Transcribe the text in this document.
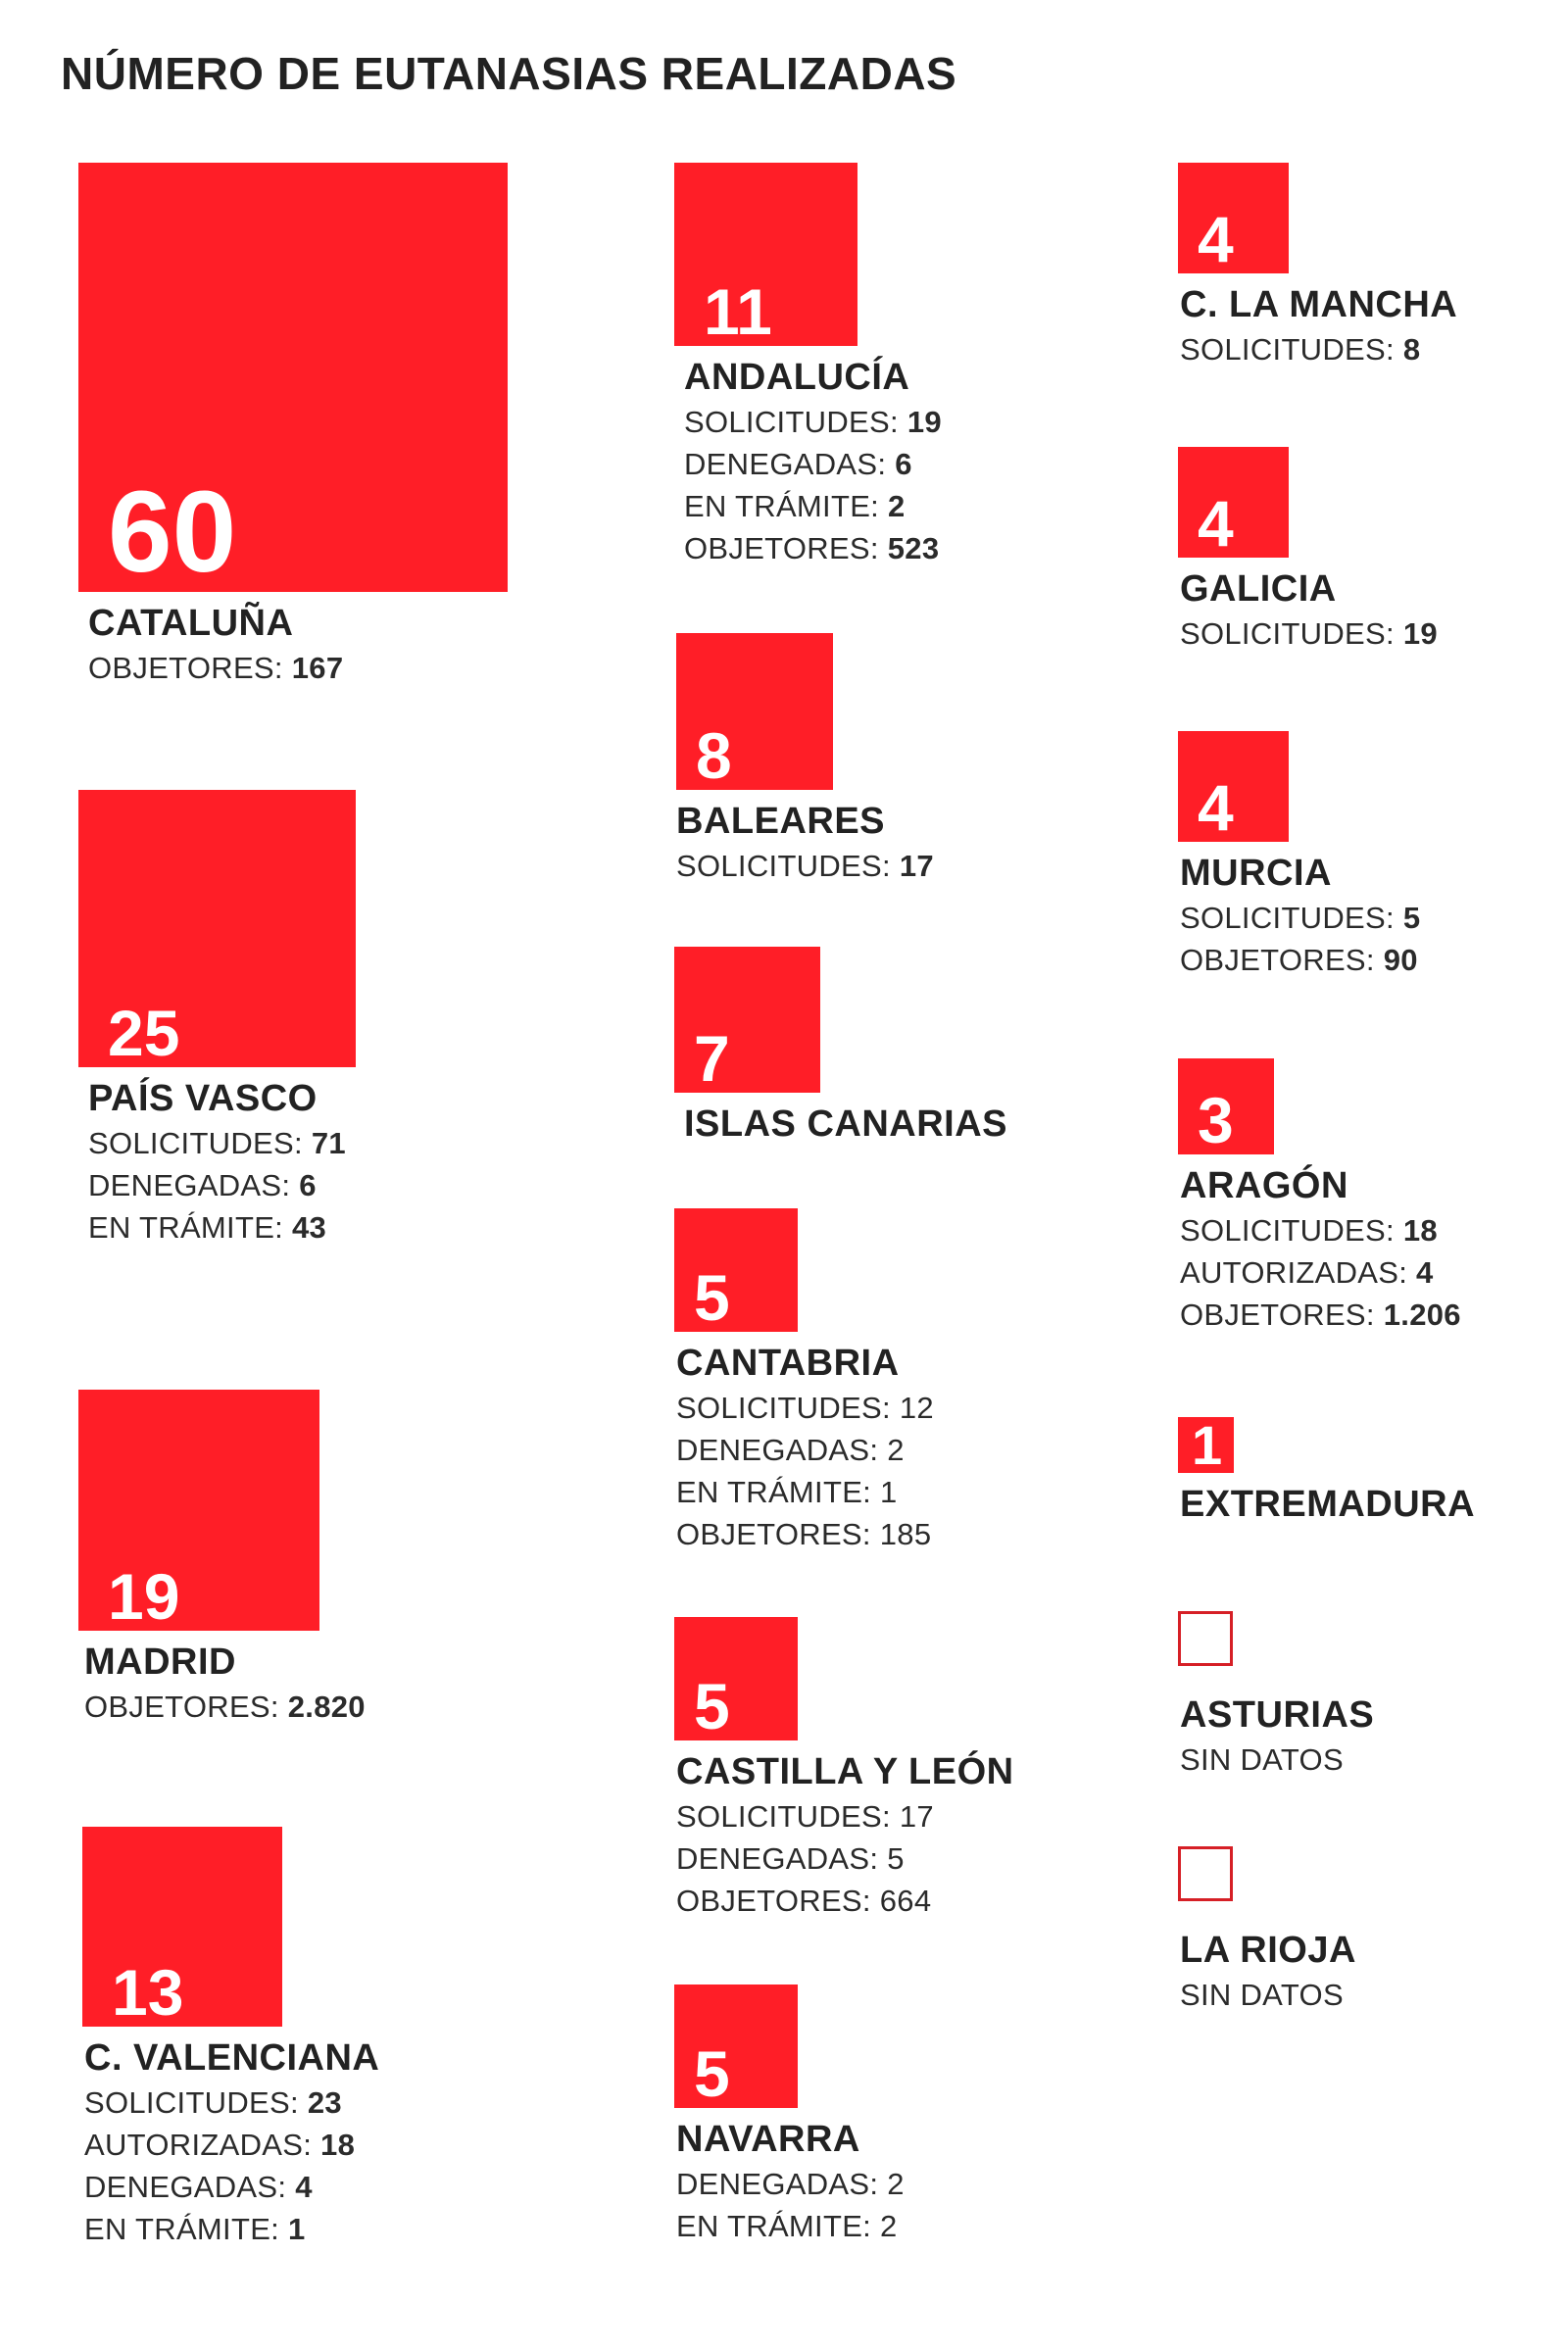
NÚMERO DE EUTANASIAS REALIZADAS
60
CATALUÑA
OBJETORES: 167
25
PAÍS VASCO
SOLICITUDES: 71
DENEGADAS: 6
EN TRÁMITE: 43
19
MADRID
OBJETORES: 2.820
13
C. VALENCIANA
SOLICITUDES: 23
AUTORIZADAS: 18
DENEGADAS: 4
EN TRÁMITE: 1
11
ANDALUCÍA
SOLICITUDES: 19
DENEGADAS: 6
EN TRÁMITE: 2
OBJETORES: 523
8
BALEARES
SOLICITUDES: 17
7
ISLAS CANARIAS
5
CANTABRIA
SOLICITUDES: 12
DENEGADAS: 2
EN TRÁMITE: 1
OBJETORES: 185
5
CASTILLA Y LEÓN
SOLICITUDES: 17
DENEGADAS: 5
OBJETORES: 664
5
NAVARRA
DENEGADAS: 2
EN TRÁMITE: 2
4
C. LA MANCHA
SOLICITUDES: 8
4
GALICIA
SOLICITUDES: 19
4
MURCIA
SOLICITUDES: 5
OBJETORES: 90
3
ARAGÓN
SOLICITUDES: 18
AUTORIZADAS: 4
OBJETORES: 1.206
1
EXTREMADURA
ASTURIAS
SIN DATOS
LA RIOJA
SIN DATOS
